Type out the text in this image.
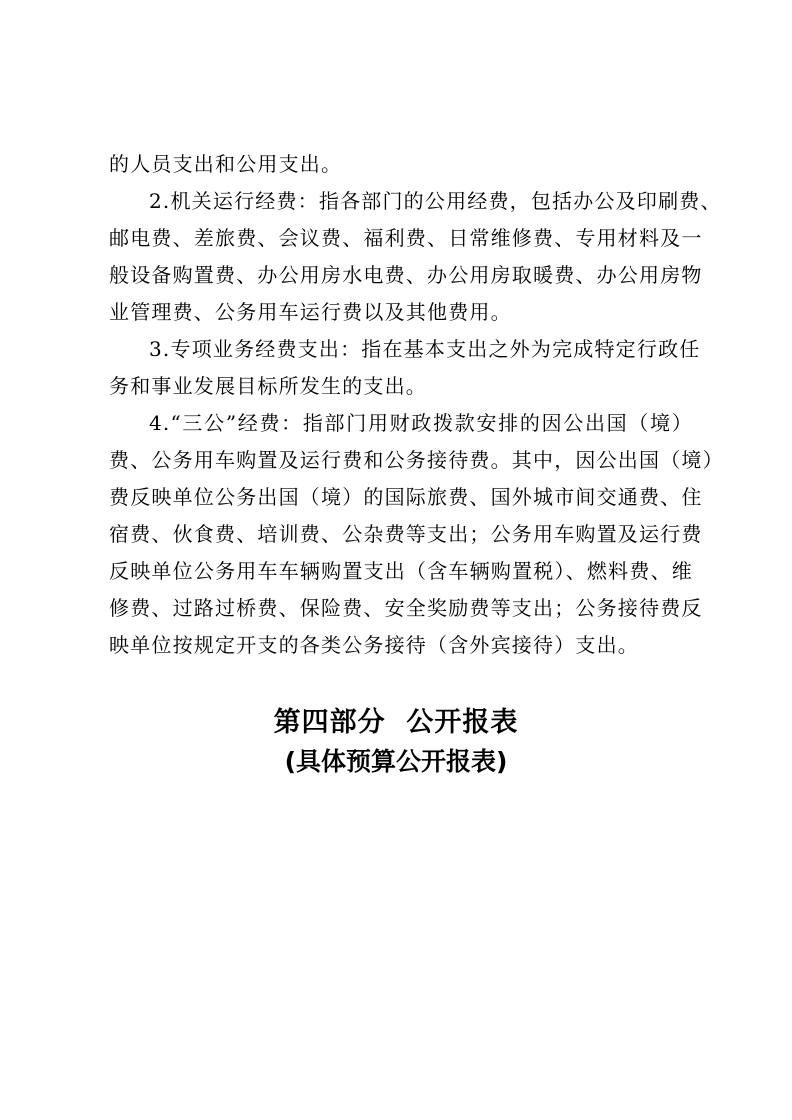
的人员支出和公用支出。
2.机关运行经费：指各部门的公用经费，包括办公及印刷费、
邮电费、差旅费、会议费、福利费、日常维修费、专用材料及一
般设备购置费、办公用房水电费、办公用房取暖费、办公用房物
业管理费、公务用车运行费以及其他费用。
3.专项业务经费支出：指在基本支出之外为完成特定行政任
务和事业发展目标所发生的支出。
4.“三公”经费：指部门用财政拨款安排的因公出国（境）
费、公务用车购置及运行费和公务接待费。其中，因公出国（境）
费反映单位公务出国（境）的国际旅费、国外城市间交通费、住
宿费、伙食费、培训费、公杂费等支出；公务用车购置及运行费
反映单位公务用车车辆购置支出（含车辆购置税）、燃料费、维
修费、过路过桥费、保险费、安全奖励费等支出；公务接待费反
映单位按规定开支的各类公务接待（含外宾接待）支出。
第四部分  公开报表
(具体预算公开报表)
